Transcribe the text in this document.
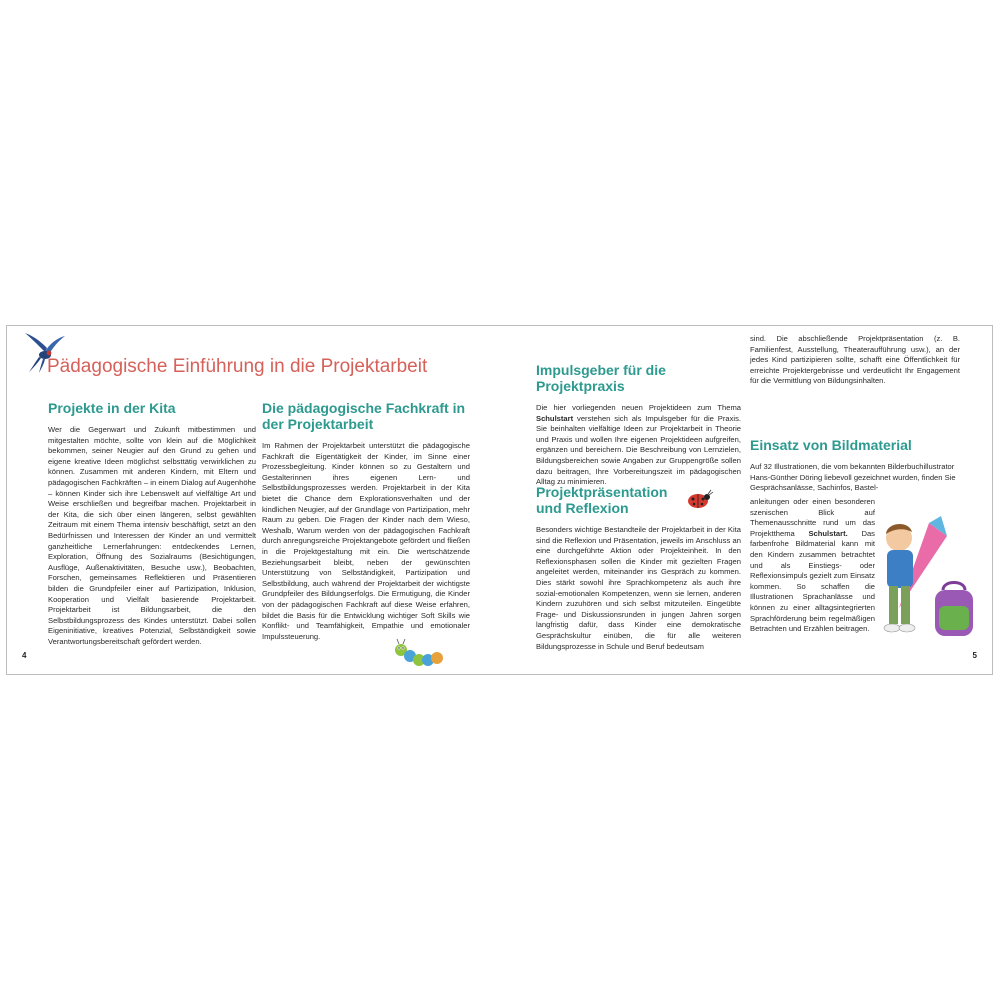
Pädagogische Einführung in die Projektarbeit
Projekte in der Kita

Wer die Gegenwart und Zukunft mitbestimmen und mitgestalten möchte, sollte von klein auf die Möglichkeit bekommen, seiner Neugier auf den Grund zu gehen und eigene kreative Ideen möglichst selbsttätig verwirklichen zu können. Zusammen mit anderen Kindern, mit Eltern und pädagogischen Fachkräften – in einem Dialog auf Augenhöhe – können Kinder sich ihre Lebenswelt auf vielfältige Art und Weise erschließen und begreifbar machen. Projektarbeit in der Kita, die sich über einen längeren, selbst gewählten Zeitraum mit einem Thema intensiv beschäftigt, setzt an den Bedürfnissen und Interessen der Kinder an und vermittelt ganzheitliche Lernerfahrungen: entdeckendes Lernen, Exploration, Öffnung des Sozialraums (Besichtigungen, Ausflüge, Außenaktivitäten, Besuche usw.), Beobachten, Forschen, gemeinsames Reflektieren und Präsentieren bilden die Grundpfeiler einer auf Partizipation, Inklusion, Kooperation und Vielfalt basierende Projektarbeit. Projektarbeit ist Bildungsarbeit, die den Selbstbildungsprozess des Kindes unterstützt. Dabei sollen Eigeninitiative, kreatives Potenzial, Selbständigkeit sowie Verantwortungsbereitschaft gefördert werden.

Die pädagogische Fachkraft in der Projektarbeit

Im Rahmen der Projektarbeit unterstützt die pädagogische Fachkraft die Eigentätigkeit der Kinder, im Sinne einer Prozessbegleitung. Kinder können so zu Gestaltern und Gestalterinnen ihres eigenen Lern- und Selbstbildungsprozesses werden. Projektarbeit in der Kita bietet die Chance dem Explorationsverhalten und der kindlichen Neugier, auf der Grundlage von Partizipation, mehr Raum zu geben. Die Fragen der Kinder nach dem Wieso, Weshalb, Warum werden von der pädagogischen Fachkraft durch anregungsreiche Projektangebote gefördert und fließen in die Projektgestaltung mit ein. Die wertschätzende Beziehungsarbeit bleibt, neben der gewünschten Unterstützung von Selbständigkeit, Partizipation und Selbstbildung, auch während der Projektarbeit der wichtigste Grundpfeiler des Bildungserfolgs. Die Ermutigung, die Kinder von der pädagogischen Fachkraft auf diese Weise erfahren, bildet die Basis für die Entwicklung wichtiger Soft Skills wie Konflikt- und Teamfähigkeit, Empathie und emotionaler Impulssteuerung.

Impulsgeber für die Projektpraxis

Die hier vorliegenden neuen Projektideen zum Thema Schulstart verstehen sich als Impulsgeber für die Praxis. Sie beinhalten vielfältige Ideen zur Projektarbeit in Theorie und Praxis und wollen Ihre eigenen Projektideen aufgreifen, ergänzen und bereichern. Die Beschreibung von Lernzielen, Bildungsbereichen sowie Angaben zur Gruppengröße sollen dazu beitragen, Ihre Vorbereitungszeit im pädagogischen Alltag zu minimieren.

Projektpräsentation und Reflexion

Besonders wichtige Bestandteile der Projektarbeit in der Kita sind die Reflexion und Präsentation, jeweils im Anschluss an eine durchgeführte Aktion oder Projekteinheit. In den Reflexionsphasen sollen die Kinder mit gezielten Fragen angeleitet werden, miteinander ins Gespräch zu kommen. Dies stärkt sowohl ihre Sprachkompetenz als auch ihre sozial-emotionalen Kompetenzen, wenn sie lernen, anderen Kindern zuzuhören und sich selbst mitzuteilen. Eingeübte Frage- und Diskussionsrunden in jungen Jahren sorgen langfristig dafür, dass Kinder eine demokratische Gesprächskultur einüben, die für alle weiteren Bildungsprozesse in Schule und Beruf bedeutsam

sind. Die abschließende Projektpräsentation (z. B. Familienfest, Ausstellung, Theateraufführung usw.), an der jedes Kind partizipieren sollte, schafft eine Öffentlichkeit für erreichte Projektergebnisse und verdeutlicht Ihr Engagement für die Vermittlung von Bildungsinhalten.

Einsatz von Bildmaterial

Auf 32 Illustrationen, die vom bekannten Bilderbuchillustrator Hans-Günther Döring liebevoll gezeichnet wurden, finden Sie Gesprächsanlässe, Sachinfos, Bastel-

anleitungen oder einen besonderen szenischen Blick auf Themenausschnitte rund um das Projektthema Schulstart. Das farbenfrohe Bildmaterial kann mit den Kindern zusammen betrachtet und als Einstiegs- oder Reflexionsimpuls gezielt zum Einsatz kommen. So schaffen die Illustrationen Sprachanlässe und können zu einer alltagsintegrierten Sprachförderung beim regelmäßigen Betrachten und Erzählen beitragen.

4	5
